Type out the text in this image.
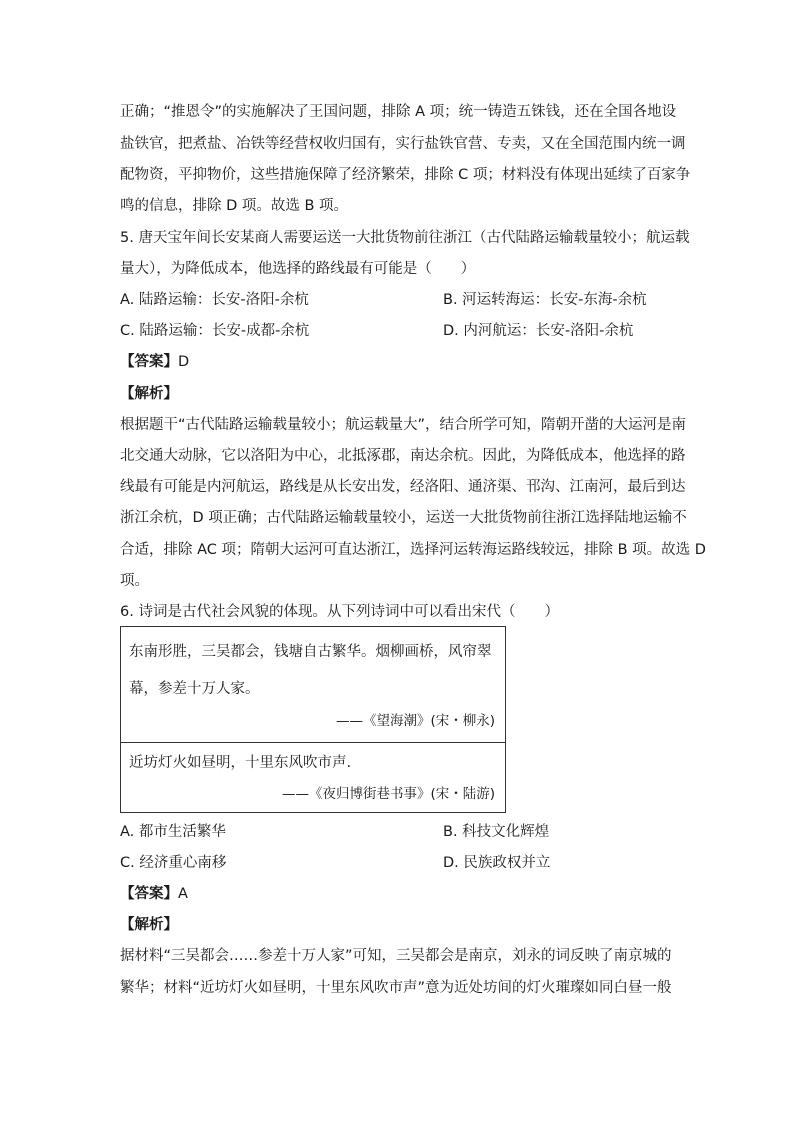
正确；“推恩令”的实施解决了王国问题，排除 A 项；统一铸造五铢钱，还在全国各地设
盐铁官，把煮盐、冶铁等经营权收归国有，实行盐铁官营、专卖，又在全国范围内统一调
配物资，平抑物价，这些措施保障了经济繁荣，排除 C 项；材料没有体现出延续了百家争
鸣的信息，排除 D 项。故选 B 项。
5. 唐天宝年间长安某商人需要运送一大批货物前往浙江（古代陆路运输载量较小；航运载
量大），为降低成本，他选择的路线最有可能是（　　）
A. 陆路运输：长安-洛阳-余杭	B. 河运转海运：长安-东海-余杭
C. 陆路运输：长安-成都-余杭	D. 内河航运：长安-洛阳-余杭
【答案】D
【解析】
根据题干“古代陆路运输载量较小；航运载量大”，结合所学可知，隋朝开凿的大运河是南
北交通大动脉，它以洛阳为中心，北抵涿郡，南达余杭。因此，为降低成本，他选择的路
线最有可能是内河航运，路线是从长安出发，经洛阳、通济渠、邗沟、江南河，最后到达
浙江余杭，D 项正确；古代陆路运输载量较小，运送一大批货物前往浙江选择陆地运输不
合适，排除 AC 项；隋朝大运河可直达浙江，选择河运转海运路线较远，排除 B 项。故选 D
项。
6. 诗词是古代社会风貌的体现。从下列诗词中可以看出宋代（　　）
东南形胜，三吴都会，钱塘自古繁华。烟柳画桥，风帘翠
幕，参差十万人家。
——《望海潮》(宋・柳永)
近坊灯火如昼明，十里东风吹市声.
——《夜归博街巷书事》(宋・陆游)
A. 都市生活繁华	B. 科技文化辉煌
C. 经济重心南移	D. 民族政权并立
【答案】A
【解析】
据材料“三吴都会……参差十万人家”可知，三吴都会是南京，刘永的词反映了南京城的
繁华；材料“近坊灯火如昼明，十里东风吹市声”意为近处坊间的灯火璀璨如同白昼一般
